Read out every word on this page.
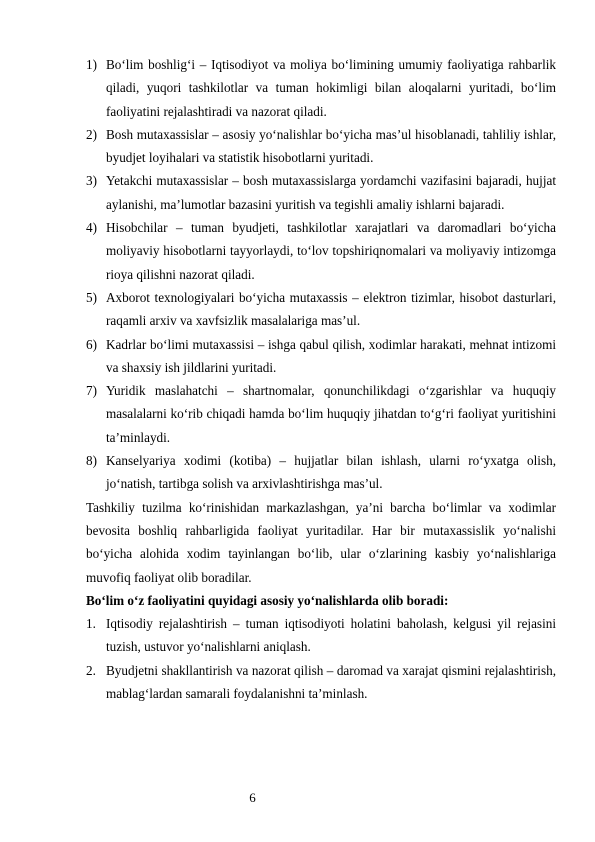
1) Bo‘lim boshlig‘i – Iqtisodiyot va moliya bo‘limining umumiy faoliyatiga rahbarlik qiladi, yuqori tashkilotlar va tuman hokimligi bilan aloqalarni yuritadi, bo‘lim faoliyatini rejalashtiradi va nazorat qiladi.
2) Bosh mutaxassislar – asosiy yo‘nalishlar bo‘yicha mas’ul hisoblanadi, tahliliy ishlar, byudjet loyihalari va statistik hisobotlarni yuritadi.
3) Yetakchi mutaxassislar – bosh mutaxassislarga yordamchi vazifasini bajaradi, hujjat aylanishi, ma’lumotlar bazasini yuritish va tegishli amaliy ishlarni bajaradi.
4) Hisobchilar – tuman byudjeti, tashkilotlar xarajatlari va daromadlari bo‘yicha moliyaviy hisobotlarni tayyorlaydi, to‘lov topshiriqnomalari va moliyaviy intizomga rioya qilishni nazorat qiladi.
5) Axborot texnologiyalari bo‘yicha mutaxassis – elektron tizimlar, hisobot dasturlari, raqamli arxiv va xavfsizlik masalalariga mas’ul.
6) Kadrlar bo‘limi mutaxassisi – ishga qabul qilish, xodimlar harakati, mehnat intizomi va shaxsiy ish jildlarini yuritadi.
7) Yuridik maslahatchi – shartnomalar, qonunchilikdagi o‘zgarishlar va huquqiy masalalarni ko‘rib chiqadi hamda bo‘lim huquqiy jihatdan to‘g‘ri faoliyat yuritishini ta’minlaydi.
8) Kanselyariya xodimi (kotiba) – hujjatlar bilan ishlash, ularni ro‘yxatga olish, jo‘natish, tartibga solish va arxivlashtirishga mas’ul.
Tashkiliy tuzilma ko‘rinishidan markazlashgan, ya’ni barcha bo‘limlar va xodimlar bevosita boshliq rahbarligida faoliyat yuritadilar. Har bir mutaxassislik yo‘nalishi bo‘yicha alohida xodim tayinlangan bo‘lib, ular o‘zlarining kasbiy yo‘nalishlariga muvofiq faoliyat olib boradilar.
Bo‘lim o‘z faoliyatini quyidagi asosiy yo‘nalishlarda olib boradi:
1. Iqtisodiy rejalashtirish – tuman iqtisodiyoti holatini baholash, kelgusi yil rejasini tuzish, ustuvor yo‘nalishlarni aniqlash.
2. Byudjetni shakllantirish va nazorat qilish – daromad va xarajat qismini rejalashtirish, mablag‘lardan samarali foydalanishni ta’minlash.
6
